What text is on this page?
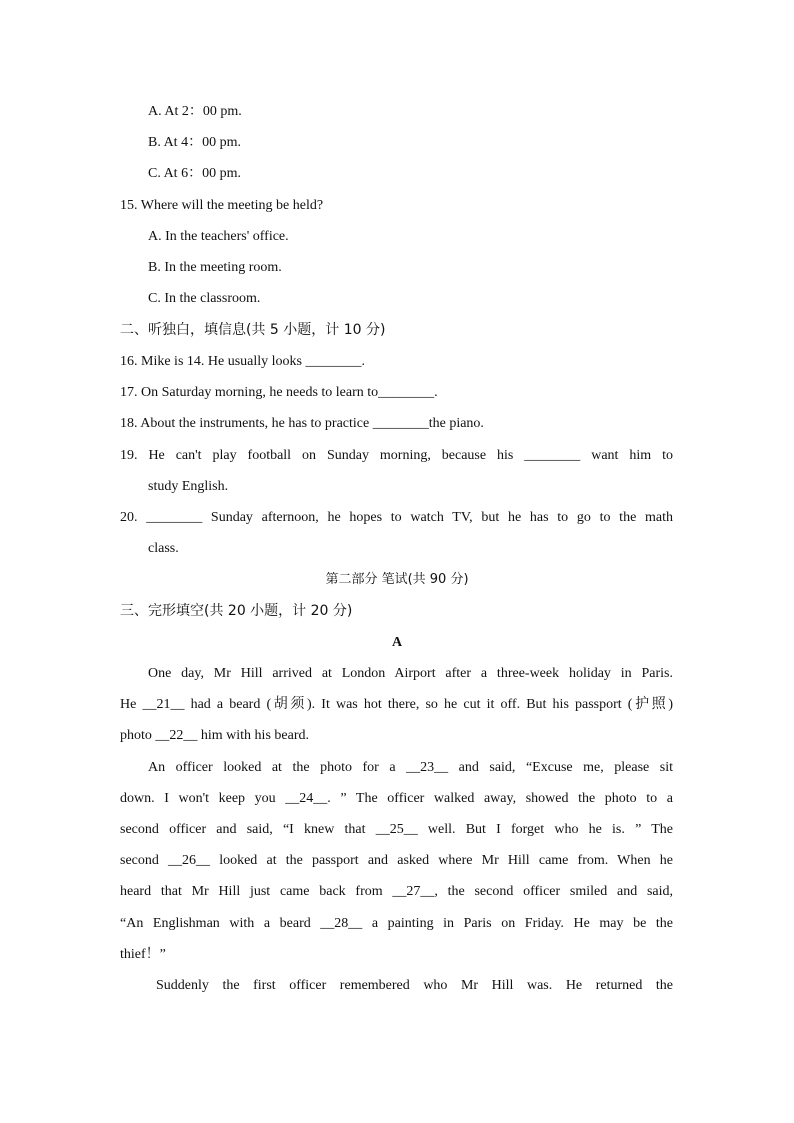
A. At 2：00 pm.
B. At 4：00 pm.
C. At 6：00 pm.
15. Where will the meeting be held?
A. In the teachers' office.
B. In the meeting room.
C. In the classroom.
二、听独白，填信息(共 5 小题，计 10 分)
16. Mike is 14. He usually looks ________.
17. On Saturday morning, he needs to learn to________.
18. About the instruments, he has to practice ________the piano.
19. He can't play football on Sunday morning, because his ________ want him to
study English.
20. ________ Sunday afternoon, he hopes to watch TV, but he has to go to the math
class.
第二部分 笔试(共 90 分)
三、完形填空(共 20 小题，计 20 分)
A
One day, Mr Hill arrived at London Airport after a three-week holiday in Paris.
He __21__ had a beard (胡须). It was hot there, so he cut it off. But his passport (护照)
photo __22__ him with his beard.
An officer looked at the photo for a __23__ and said, “Excuse me, please sit
down. I won't keep you __24__. ” The officer walked away, showed the photo to a
second officer and said, “I knew that __25__ well. But I forget who he is. ” The
second __26__ looked at the passport and asked where Mr Hill came from. When he
heard that Mr Hill just came back from __27__, the second officer smiled and said,
“An Englishman with a beard __28__ a painting in Paris on Friday. He may be the
thief！”
Suddenly the first officer remembered who Mr Hill was. He returned the
